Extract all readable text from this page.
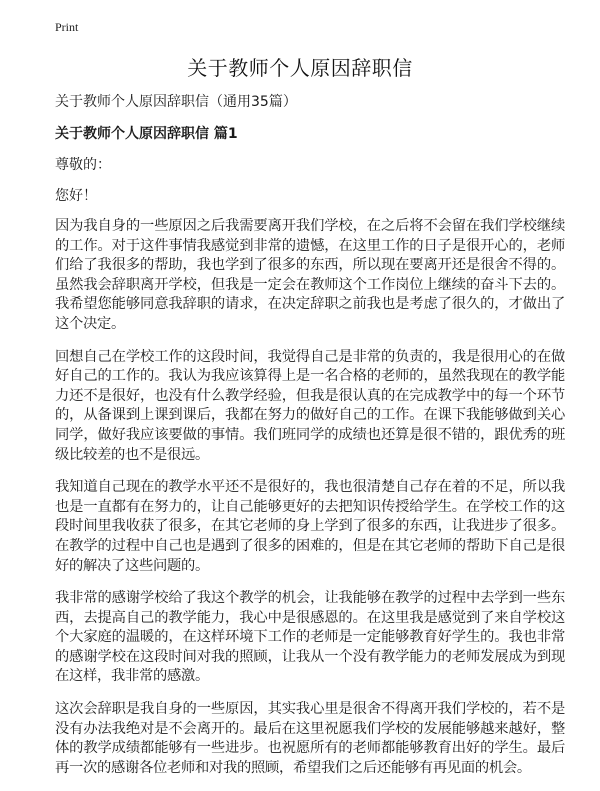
Print
关于教师个人原因辞职信

关于教师个人原因辞职信（通用35篇）

关于教师个人原因辞职信 篇1

尊敬的：

您好！

因为我自身的一些原因之后我需要离开我们学校，在之后将不会留在我们学校继续的工作。对于这件事情我感觉到非常的遗憾，在这里工作的日子是很开心的，老师们给了我很多的帮助，我也学到了很多的东西，所以现在要离开还是很舍不得的。虽然我会辞职离开学校，但我是一定会在教师这个工作岗位上继续的奋斗下去的。我希望您能够同意我辞职的请求，在决定辞职之前我也是考虑了很久的，才做出了这个决定。

回想自己在学校工作的这段时间，我觉得自己是非常的负责的，我是很用心的在做好自己的工作的。我认为我应该算得上是一名合格的老师的，虽然我现在的教学能力还不是很好，也没有什么教学经验，但我是很认真的在完成教学中的每一个环节的，从备课到上课到课后，我都在努力的做好自己的工作。在课下我能够做到关心同学，做好我应该要做的事情。我们班同学的成绩也还算是很不错的，跟优秀的班级比较差的也不是很远。

我知道自己现在的教学水平还不是很好的，我也很清楚自己存在着的不足，所以我也是一直都有在努力的，让自己能够更好的去把知识传授给学生。在学校工作的这段时间里我收获了很多，在其它老师的身上学到了很多的东西，让我进步了很多。在教学的过程中自己也是遇到了很多的困难的，但是在其它老师的帮助下自己是很好的解决了这些问题的。

我非常的感谢学校给了我这个教学的机会，让我能够在教学的过程中去学到一些东西，去提高自己的教学能力，我心中是很感恩的。在这里我是感觉到了来自学校这个大家庭的温暖的，在这样环境下工作的老师是一定能够教育好学生的。我也非常的感谢学校在这段时间对我的照顾，让我从一个没有教学能力的老师发展成为到现在这样，我非常的感激。

这次会辞职是我自身的一些原因，其实我心里是很舍不得离开我们学校的，若不是没有办法我绝对是不会离开的。最后在这里祝愿我们学校的发展能够越来越好，整体的教学成绩都能够有一些进步。也祝愿所有的老师都能够教育出好的学生。最后再一次的感谢各位老师和对我的照顾，希望我们之后还能够有再见面的机会。
